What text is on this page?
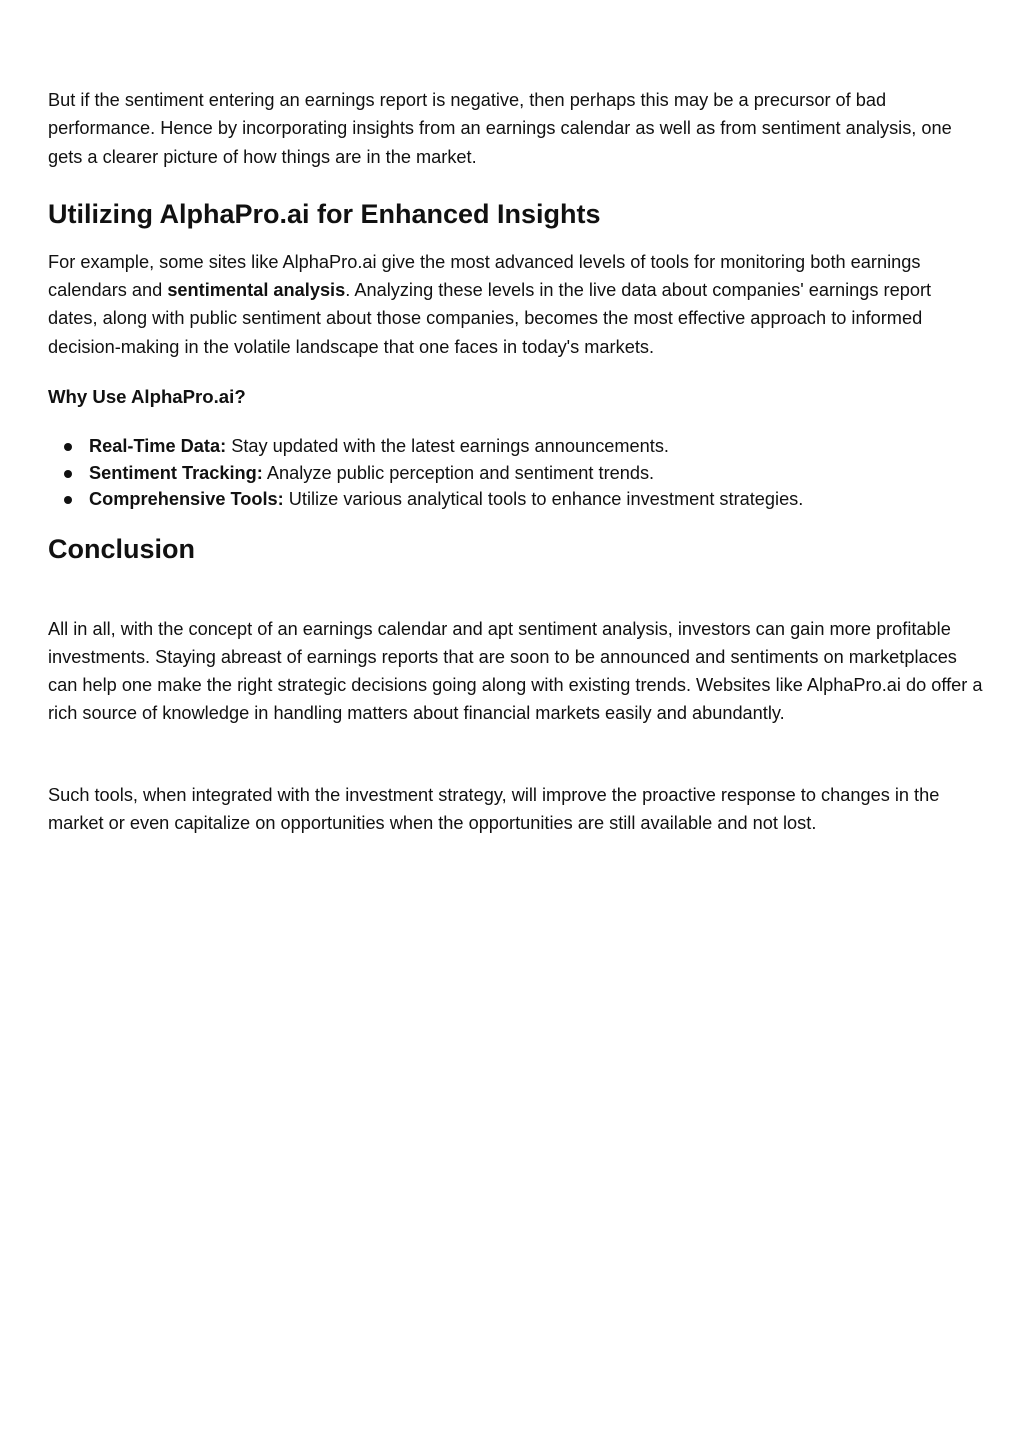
But if the sentiment entering an earnings report is negative, then perhaps this may be a precursor of bad performance. Hence by incorporating insights from an earnings calendar as well as from sentiment analysis, one gets a clearer picture of how things are in the market.

Utilizing AlphaPro.ai for Enhanced Insights

For example, some sites like AlphaPro.ai give the most advanced levels of tools for monitoring both earnings calendars and sentimental analysis. Analyzing these levels in the live data about companies' earnings report dates, along with public sentiment about those companies, becomes the most effective approach to informed decision-making in the volatile landscape that one faces in today's markets.

Why Use AlphaPro.ai?
Real-Time Data: Stay updated with the latest earnings announcements.
Sentiment Tracking: Analyze public perception and sentiment trends.
Comprehensive Tools: Utilize various analytical tools to enhance investment strategies.
Conclusion

All in all, with the concept of an earnings calendar and apt sentiment analysis, investors can gain more profitable investments. Staying abreast of earnings reports that are soon to be announced and sentiments on marketplaces can help one make the right strategic decisions going along with existing trends. Websites like AlphaPro.ai do offer a rich source of knowledge in handling matters about financial markets easily and abundantly.

Such tools, when integrated with the investment strategy, will improve the proactive response to changes in the market or even capitalize on opportunities when the opportunities are still available and not lost.
